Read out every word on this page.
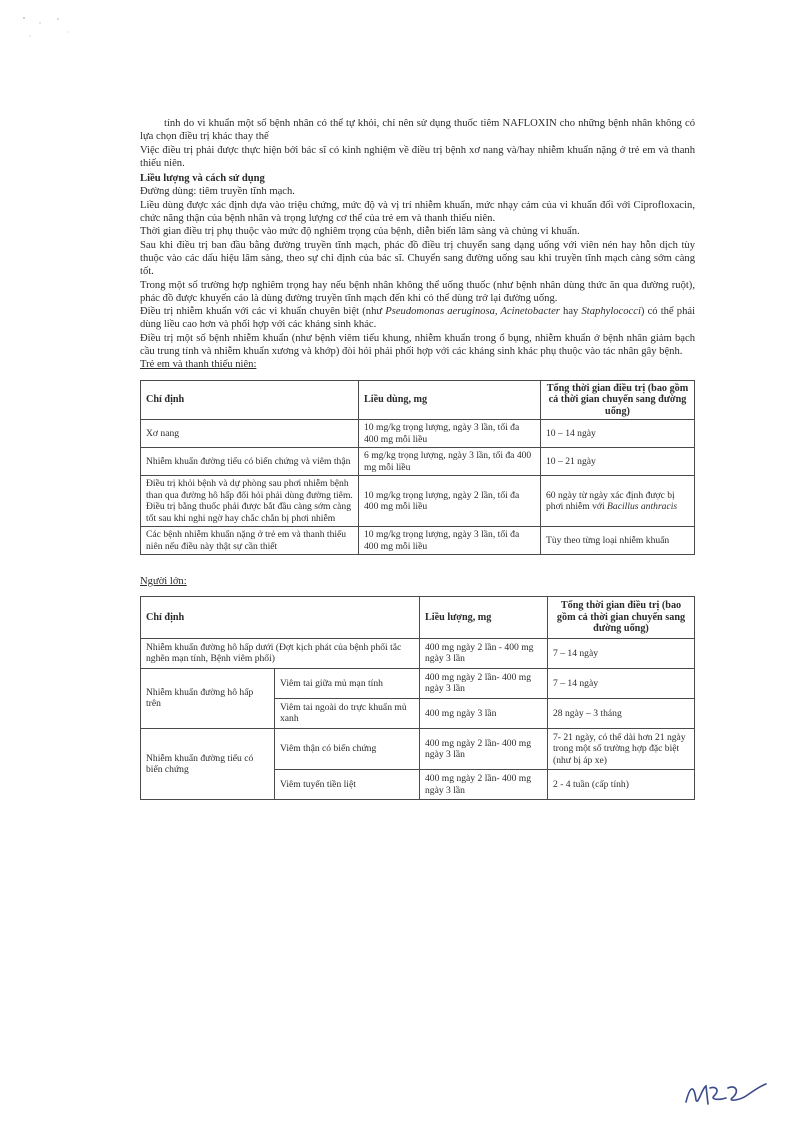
tính do vi khuẩn một số bệnh nhân có thể tự khỏi, chỉ nên sử dụng thuốc tiêm NAFLOXIN cho những bệnh nhân không có lựa chọn điều trị khác thay thế

Việc điều trị phải được thực hiện bởi bác sĩ có kinh nghiệm về điều trị bệnh xơ nang và/hay nhiễm khuẩn nặng ở trẻ em và thanh thiếu niên.

Liều lượng và cách sử dụng

Đường dùng: tiêm truyền tĩnh mạch.

Liều dùng được xác định dựa vào triệu chứng, mức độ và vị trí nhiễm khuẩn, mức nhạy cảm của vi khuẩn đối với Ciprofloxacin, chức năng thận của bệnh nhân và trọng lượng cơ thể của trẻ em và thanh thiếu niên.

Thời gian điều trị phụ thuộc vào mức độ nghiêm trọng của bệnh, diễn biến lâm sàng và chủng vi khuẩn.

Sau khi điều trị ban đầu bằng đường truyền tĩnh mạch, phác đồ điều trị chuyển sang dạng uống với viên nén hay hỗn dịch tùy thuộc vào các dấu hiệu lâm sàng, theo sự chỉ định của bác sĩ. Chuyển sang đường uống sau khi truyền tĩnh mạch càng sớm càng tốt.

Trong một số trường hợp nghiêm trọng hay nếu bệnh nhân không thể uống thuốc (như bệnh nhân dùng thức ăn qua đường ruột), phác đồ được khuyến cáo là dùng đường truyền tĩnh mạch đến khi có thể dùng trở lại đường uống.

Điều trị nhiễm khuẩn với các vi khuẩn chuyên biệt (như Pseudomonas aeruginosa, Acinetobacter hay Staphylococci) có thể phải dùng liều cao hơn và phối hợp với các kháng sinh khác.

Điều trị một số bệnh nhiễm khuẩn (như bệnh viêm tiểu khung, nhiễm khuẩn trong ổ bụng, nhiễm khuẩn ở bệnh nhân giảm bạch cầu trung tính và nhiễm khuẩn xương và khớp) đòi hỏi phải phối hợp với các kháng sinh khác phụ thuộc vào tác nhân gây bệnh.

Trẻ em và thanh thiếu niên:

Chỉ định	Liều dùng, mg	Tổng thời gian điều trị (bao gồm cả thời gian chuyển sang đường uống)
Xơ nang	10 mg/kg trọng lượng, ngày 3 lần, tối đa 400 mg mỗi liều	10 – 14 ngày
Nhiễm khuẩn đường tiểu có biến chứng và viêm thận	6 mg/kg trọng lượng, ngày 3 lần, tối đa 400 mg mỗi liều	10 – 21 ngày
Điều trị khỏi bệnh và dự phòng sau phơi nhiễm bệnh than qua đường hô hấp đối hỏi phải dùng đường tiêm. Điều trị bằng thuốc phải được bắt đầu càng sớm càng tốt sau khi nghi ngờ hay chắc chắn bị phơi nhiễm	10 mg/kg trọng lượng, ngày 2 lần, tối đa 400 mg mỗi liều	60 ngày từ ngày xác định được bị phơi nhiễm với Bacillus anthracis
Các bệnh nhiễm khuẩn nặng ở trẻ em và thanh thiếu niên nếu điều này thật sự cần thiết	10 mg/kg trọng lượng, ngày 3 lần, tối đa 400 mg mỗi liều	Tùy theo từng loại nhiễm khuẩn

Người lớn:

Chỉ định		Liều lượng, mg	Tổng thời gian điều trị (bao gồm cả thời gian chuyển sang đường uống)
Nhiễm khuẩn đường hô hấp dưới (Đợt kịch phát của bệnh phổi tắc nghẽn mạn tính, Bệnh viêm phổi)		400 mg ngày 2 lần - 400 mg ngày 3 lần	7 – 14 ngày
Nhiễm khuẩn đường hô hấp trên	Viêm tai giữa mủ mạn tính	400 mg ngày 2 lần- 400 mg ngày 3 lần	7 – 14 ngày
	Viêm tai ngoài do trực khuẩn mủ xanh	400 mg ngày 3 lần	28 ngày – 3 tháng
Nhiễm khuẩn đường tiểu có biến chứng	Viêm thận có biến chứng	400 mg ngày 2 lần- 400 mg ngày 3 lần	7- 21 ngày, có thể dài hơn 21 ngày trong một số trường hợp đặc biệt (như bị áp xe)
	Viêm tuyến tiền liệt	400 mg ngày 2 lần- 400 mg ngày 3 lần	2 - 4 tuần (cấp tính)
